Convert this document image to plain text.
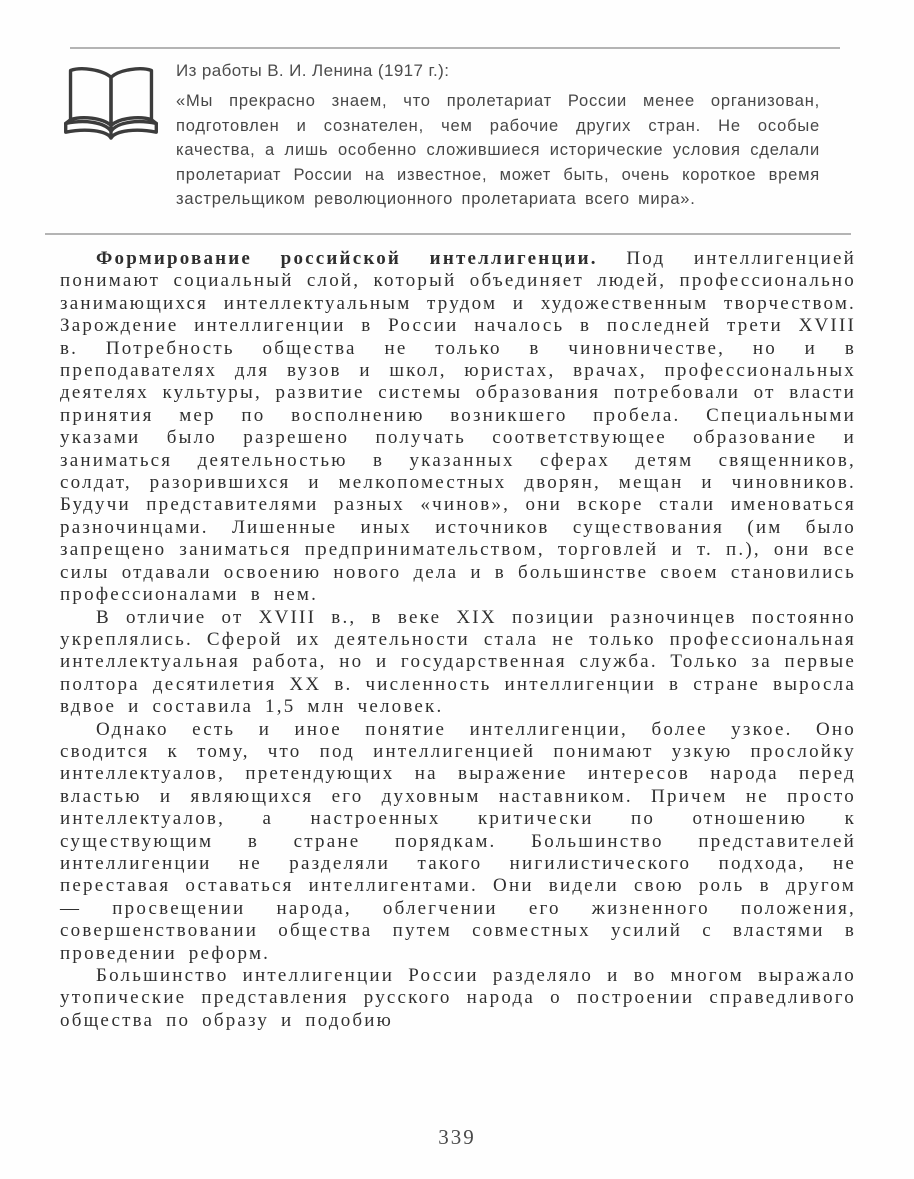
Из работы В. И. Ленина (1917 г.):
«Мы прекрасно знаем, что пролетариат России менее организован, подготовлен и сознателен, чем рабочие других стран. Не особые качества, а лишь особенно сложившиеся исторические условия сделали пролетариат России на известное, может быть, очень короткое время застрельщиком революционного пролетариата всего мира».

Формирование российской интеллигенции. Под интеллигенцией понимают социальный слой, который объединяет людей, профессионально занимающихся интеллектуальным трудом и художественным творчеством. Зарождение интеллигенции в России началось в последней трети XVIII в. Потребность общества не только в чиновничестве, но и в преподавателях для вузов и школ, юристах, врачах, профессиональных деятелях культуры, развитие системы образования потребовали от власти принятия мер по восполнению возникшего пробела. Специальными указами было разрешено получать соответствующее образование и заниматься деятельностью в указанных сферах детям священников, солдат, разорившихся и мелкопоместных дворян, мещан и чиновников. Будучи представителями разных «чинов», они вскоре стали именоваться разночинцами. Лишенные иных источников существования (им было запрещено заниматься предпринимательством, торговлей и т. п.), они все силы отдавали освоению нового дела и в большинстве своем становились профессионалами в нем.

В отличие от XVIII в., в веке XIX позиции разночинцев постоянно укреплялись. Сферой их деятельности стала не только профессиональная интеллектуальная работа, но и государственная служба. Только за первые полтора десятилетия XX в. численность интеллигенции в стране выросла вдвое и составила 1,5 млн человек.

Однако есть и иное понятие интеллигенции, более узкое. Оно сводится к тому, что под интеллигенцией понимают узкую прослойку интеллектуалов, претендующих на выражение интересов народа перед властью и являющихся его духовным наставником. Причем не просто интеллектуалов, а настроенных критически по отношению к существующим в стране порядкам. Большинство представителей интеллигенции не разделяли такого нигилистического подхода, не переставая оставаться интеллигентами. Они видели свою роль в другом — просвещении народа, облегчении его жизненного положения, совершенствовании общества путем совместных усилий с властями в проведении реформ.

Большинство интеллигенции России разделяло и во многом выражало утопические представления русского народа о построении справедливого общества по образу и подобию

339
